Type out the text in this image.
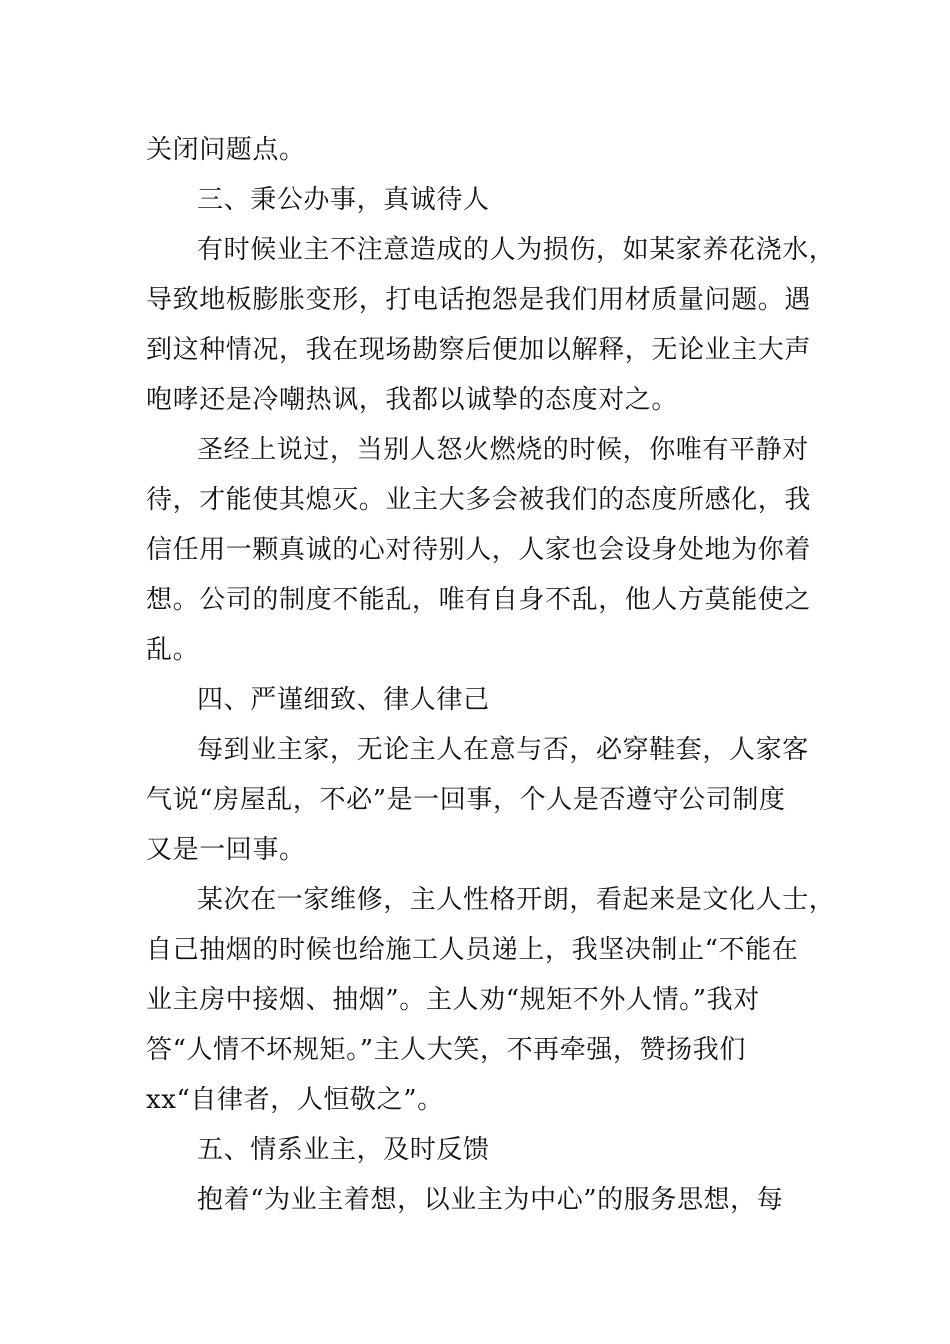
关闭问题点。
三、秉公办事，真诚待人
有时候业主不注意造成的人为损伤，如某家养花浇水，
导致地板膨胀变形，打电话抱怨是我们用材质量问题。遇
到这种情况，我在现场勘察后便加以解释，无论业主大声
咆哮还是冷嘲热讽，我都以诚挚的态度对之。
圣经上说过，当别人怒火燃烧的时候，你唯有平静对
待，才能使其熄灭。业主大多会被我们的态度所感化，我
信任用一颗真诚的心对待别人，人家也会设身处地为你着
想。公司的制度不能乱，唯有自身不乱，他人方莫能使之
乱。
四、严谨细致、律人律己
每到业主家，无论主人在意与否，必穿鞋套，人家客
气说“房屋乱，不必”是一回事，个人是否遵守公司制度
又是一回事。
某次在一家维修，主人性格开朗，看起来是文化人士，
自己抽烟的时候也给施工人员递上，我坚决制止“不能在
业主房中接烟、抽烟”。主人劝“规矩不外人情。”我对
答“人情不坏规矩。”主人大笑，不再牵强，赞扬我们
xx“自律者，人恒敬之”。
五、情系业主，及时反馈
抱着“为业主着想，以业主为中心”的服务思想，每
